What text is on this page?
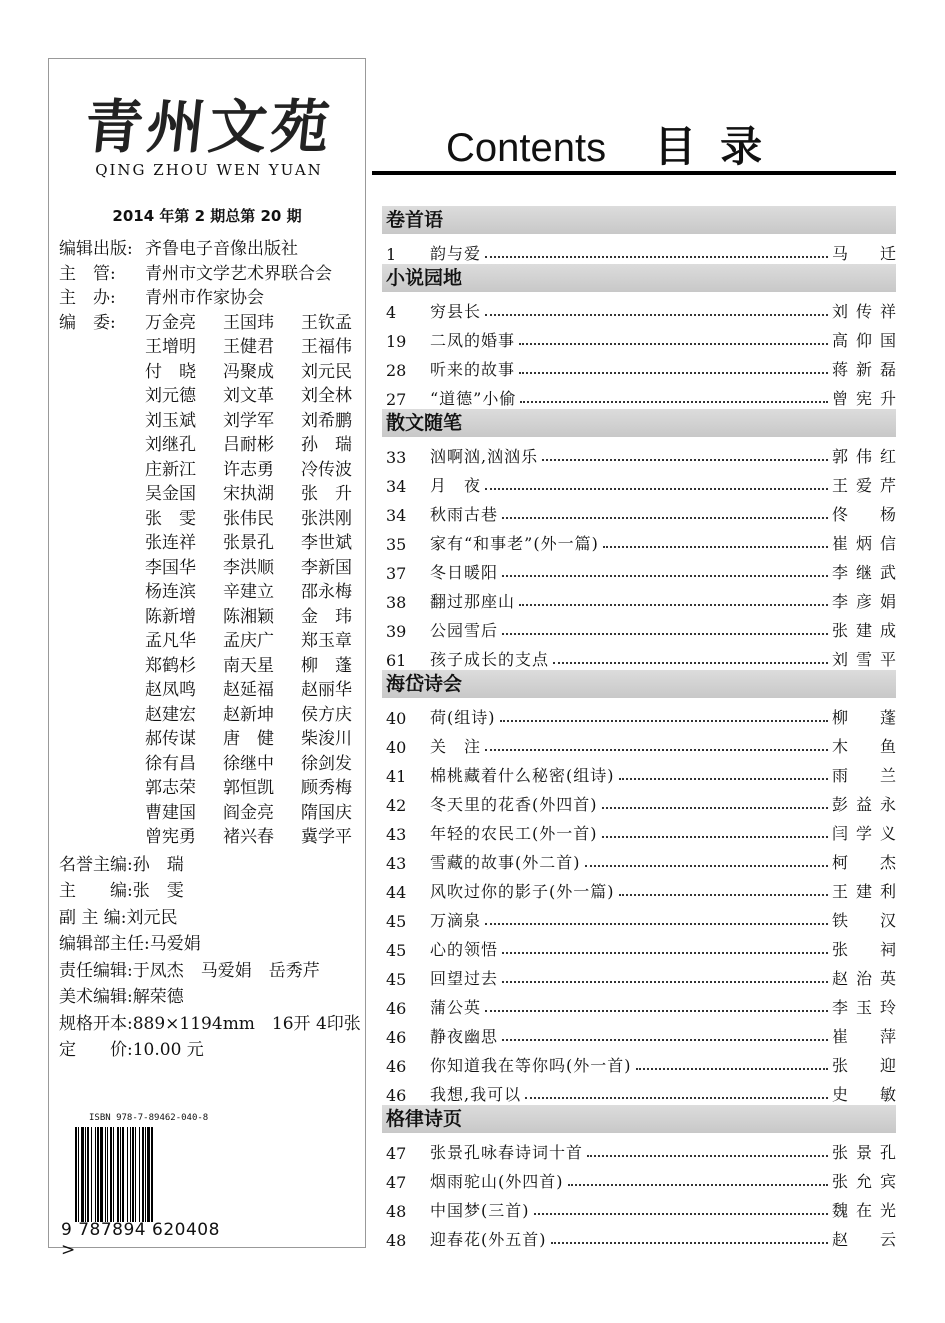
青州文苑
QING ZHOU WEN YUAN
2014 年第 2 期总第 20 期
编辑出版: 齐鲁电子音像出版社
主　管:	青州市文学艺术界联合会
主　办:	青州市作家协会
编　委:	万金亮	王国玮	王钦孟
王增明	王健君	王福伟
付　晓	冯聚成	刘元民
刘元德	刘文革	刘全林
刘玉斌	刘学军	刘希鹏
刘继孔	吕耐彬	孙　瑞
庄新江	许志勇	冷传波
吴金国	宋执湖	张　升
张　雯	张伟民	张洪刚
张连祥	张景孔	李世斌
李国华	李洪顺	李新国
杨连滨	辛建立	邵永梅
陈新增	陈湘颖	金　玮
孟凡华	孟庆广	郑玉章
郑鹤杉	南天星	柳　蓬
赵凤鸣	赵延福	赵丽华
赵建宏	赵新坤	侯方庆
郝传谋	唐　健	柴浚川
徐有昌	徐继中	徐剑发
郭志荣	郭恒凯	顾秀梅
曹建国	阎金亮	隋国庆
曾宪勇	褚兴春	冀学平
名誉主编: 孙　瑞
主　　编: 张　雯
副 主 编: 刘元民
编辑部主任: 马爱娟
责任编辑: 于凤杰　马爱娟　岳秀芹
美术编辑: 解荣德
规格开本: 889×1194mm　16开 4印张
定　　价: 10.00 元
ISBN 978-7-89462-040-8
9 787894 620408 >
Contents 目录
卷首语
1	韵与爱	马迁
小说园地
4	穷县长	刘传祥
19	二凤的婚事	高仰国
28	听来的故事	蒋新磊
27	“道德”小偷	曾宪升
散文随笔
33	汹啊汹,汹汹乐	郭伟红
34	月　夜	王爱芹
34	秋雨古巷	佟杨
35	家有“和事老”(外一篇)	崔炳信
37	冬日暖阳	李继武
38	翻过那座山	李彦娟
39	公园雪后	张建成
61	孩子成长的支点	刘雪平
海岱诗会
40	荷(组诗)	柳蓬
40	关　注	木鱼
41	棉桃藏着什么秘密(组诗)	雨兰
42	冬天里的花香(外四首)	彭益永
43	年轻的农民工(外一首)	闫学义
43	雪藏的故事(外二首)	柯杰
44	风吹过你的影子(外一篇)	王建利
45	万滴泉	铁汉
45	心的领悟	张祠
45	回望过去	赵治英
46	蒲公英	李玉玲
46	静夜幽思	崔萍
46	你知道我在等你吗(外一首)	张迎
46	我想,我可以	史敏
格律诗页
47	张景孔咏春诗词十首	张景孔
47	烟雨驼山(外四首)	张允宾
48	中国梦(三首)	魏在光
48	迎春花(外五首)	赵云
